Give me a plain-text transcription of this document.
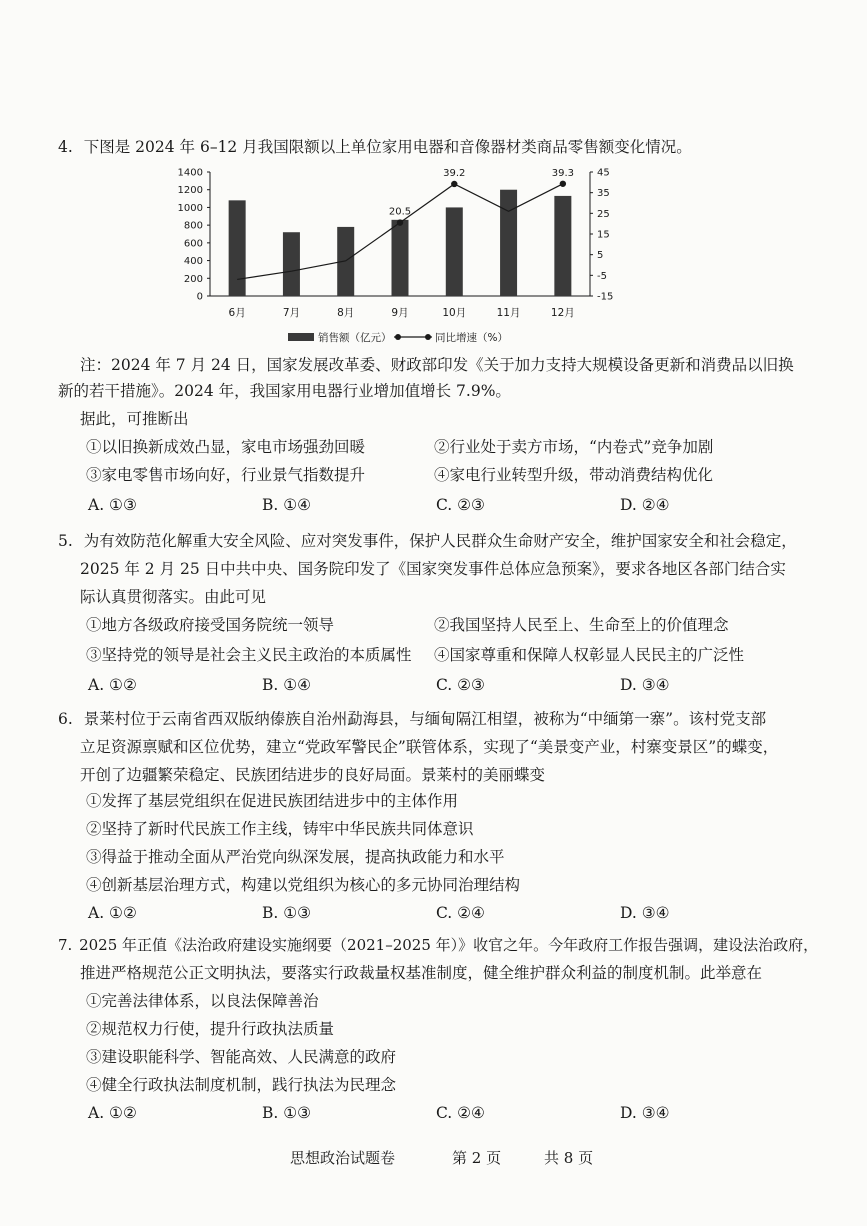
4. 下图是 2024 年 6–12 月我国限额以上单位家用电器和音像器材类商品零售额变化情况。
0
200
400
600
800
1000
1200
1400
-15
-5
5
15
25
35
45
6月	7月	8月	9月	10月	11月	12月
20.5
39.2	39.3
销售额（亿元）	同比增速（%）
注：2024 年 7 月 24 日，国家发展改革委、财政部印发《关于加力支持大规模设备更新和消费品以旧换
新的若干措施》。2024 年，我国家用电器行业增加值增长 7.9%。
据此，可推断出
①以旧换新成效凸显，家电市场强劲回暖	②行业处于卖方市场，“内卷式”竞争加剧
③家电零售市场向好，行业景气指数提升	④家电行业转型升级，带动消费结构优化
A. ①③	B. ①④	C. ②③	D. ②④
5. 为有效防范化解重大安全风险、应对突发事件，保护人民群众生命财产安全，维护国家安全和社会稳定，
2025 年 2 月 25 日中共中央、国务院印发了《国家突发事件总体应急预案》，要求各地区各部门结合实
际认真贯彻落实。由此可见
①地方各级政府接受国务院统一领导	②我国坚持人民至上、生命至上的价值理念
③坚持党的领导是社会主义民主政治的本质属性 ④国家尊重和保障人权彰显人民民主的广泛性
A. ①②	B. ①④	C. ②③	D. ③④
6. 景莱村位于云南省西双版纳傣族自治州勐海县，与缅甸隔江相望，被称为“中缅第一寨”。该村党支部
立足资源禀赋和区位优势，建立“党政军警民企”联管体系，实现了“美景变产业，村寨变景区”的蝶变，
开创了边疆繁荣稳定、民族团结进步的良好局面。景莱村的美丽蝶变
①发挥了基层党组织在促进民族团结进步中的主体作用
②坚持了新时代民族工作主线，铸牢中华民族共同体意识
③得益于推动全面从严治党向纵深发展，提高执政能力和水平
④创新基层治理方式，构建以党组织为核心的多元协同治理结构
A. ①②	B. ①③	C. ②④	D. ③④
7. 2025 年正值《法治政府建设实施纲要（2021–2025 年）》收官之年。今年政府工作报告强调，建设法治政府，
推进严格规范公正文明执法，要落实行政裁量权基准制度，健全维护群众利益的制度机制。此举意在
①完善法律体系，以良法保障善治
②规范权力行使，提升行政执法质量
③建设职能科学、智能高效、人民满意的政府
④健全行政执法制度机制，践行执法为民理念
A. ①②	B. ①③	C. ②④	D. ③④
思想政治试题卷	第 2 页	共 8 页
